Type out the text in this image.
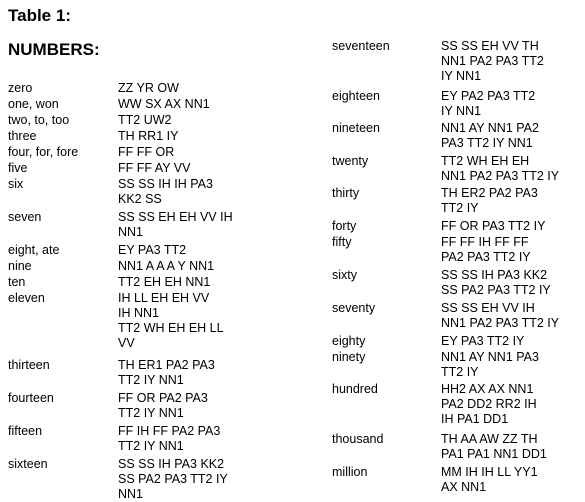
Table 1:
NUMBERS:
zero	ZZ YR OW
one, won	WW SX AX NN1
two, to, too	TT2 UW2
three	TH RR1 IY
four, for, fore	FF FF OR
five	FF FF AY VV
six	SS SS IH IH PA3
KK2 SS
seven	SS SS EH EH VV IH
NN1
eight, ate	EY PA3 TT2
nine	NN1 A A A Y NN1
ten	TT2 EH EH NN1
eleven	IH LL EH EH VV
IH NN1
TT2 WH EH EH LL
VV
thirteen	TH ER1 PA2 PA3
TT2 IY NN1
fourteen	FF OR PA2 PA3
TT2 IY NN1
fifteen	FF IH FF PA2 PA3
TT2 IY NN1
sixteen	SS SS IH PA3 KK2
SS PA2 PA3 TT2 IY
NN1
seventeen	SS SS EH VV TH
NN1 PA2 PA3 TT2
IY NN1
eighteen	EY PA2 PA3 TT2
IY NN1
nineteen	NN1 AY NN1 PA2
PA3 TT2 IY NN1
twenty	TT2 WH EH EH
NN1 PA2 PA3 TT2 IY
thirty	TH ER2 PA2 PA3
TT2 IY
forty	FF OR PA3 TT2 IY
fifty	FF FF IH FF FF
PA2 PA3 TT2 IY
sixty	SS SS IH PA3 KK2
SS PA2 PA3 TT2 IY
seventy	SS SS EH VV IH
NN1 PA2 PA3 TT2 IY
eighty	EY PA3 TT2 IY
ninety	NN1 AY NN1 PA3
TT2 IY
hundred	HH2 AX AX NN1
PA2 DD2 RR2 IH
IH PA1 DD1
thousand	TH AA AW ZZ TH
PA1 PA1 NN1 DD1
million	MM IH IH LL YY1
AX NN1
